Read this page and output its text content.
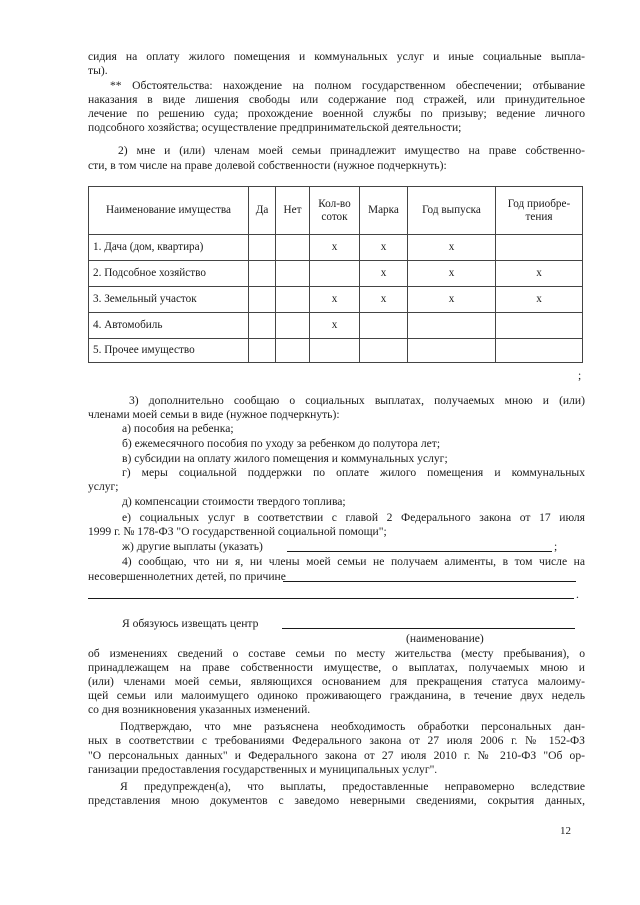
сидия на оплату жилого помещения и коммунальных услуг и иные социальные выпла-

ты).

** Обстоятельства: нахождение на полном государственном обеспечении; отбывание

наказания в виде лишения свободы или содержание под стражей, или принудительное

лечение по решению суда; прохождение военной службы по призыву; ведение личного

подсобного хозяйства; осуществление предпринимательской деятельности;

2) мне и (или) членам моей семьи принадлежит имущество на праве собственно-

сти, в том числе на праве долевой собственности (нужное подчеркнуть):

Наименование имущества	Да	Нет	Кол-во соток	Марка	Год выпуска	Год приобре-тения
1. Дача (дом, квартира)			x	x	x	
2. Подсобное хозяйство				x	x	x
3. Земельный участок			x	x	x	x
4. Автомобиль			x			
5. Прочее имущество						

;

3) дополнительно сообщаю о социальных выплатах, получаемых мною и (или)

членами моей семьи в виде (нужное подчеркнуть):

а) пособия на ребенка;

б) ежемесячного пособия по уходу за ребенком до полутора лет;

в) субсидии на оплату жилого помещения и коммунальных услуг;

г) меры социальной поддержки по оплате жилого помещения и коммунальных

услуг;

д) компенсации стоимости твердого топлива;

е) социальных услуг в соответствии с главой 2 Федерального закона от 17 июля

1999 г. № 178-ФЗ "О государственной социальной помощи";

ж) другие выплаты (указать)	;

4) сообщаю, что ни я, ни члены моей семьи не получаем алименты, в том числе на

несовершеннолетних детей, по причине

.

Я обязуюсь извещать центр

(наименование)

об изменениях сведений о составе семьи по месту жительства (месту пребывания), о

принадлежащем на праве собственности имуществе, о выплатах, получаемых мною и

(или) членами моей семьи, являющихся основанием для прекращения статуса малоиму-

щей семьи или малоимущего одиноко проживающего гражданина, в течение двух недель

со дня возникновения указанных изменений.

Подтверждаю, что мне разъяснена необходимость обработки персональных дан-

ных в соответствии с требованиями Федерального закона от 27 июля 2006 г. № 152-ФЗ

"О персональных данных" и Федерального закона от 27 июля 2010 г. № 210-ФЗ "Об ор-

ганизации предоставления государственных и муниципальных услуг".

Я предупрежден(а), что выплаты, предоставленные неправомерно вследствие

представления мною документов с заведомо неверными сведениями, сокрытия данных,

12
